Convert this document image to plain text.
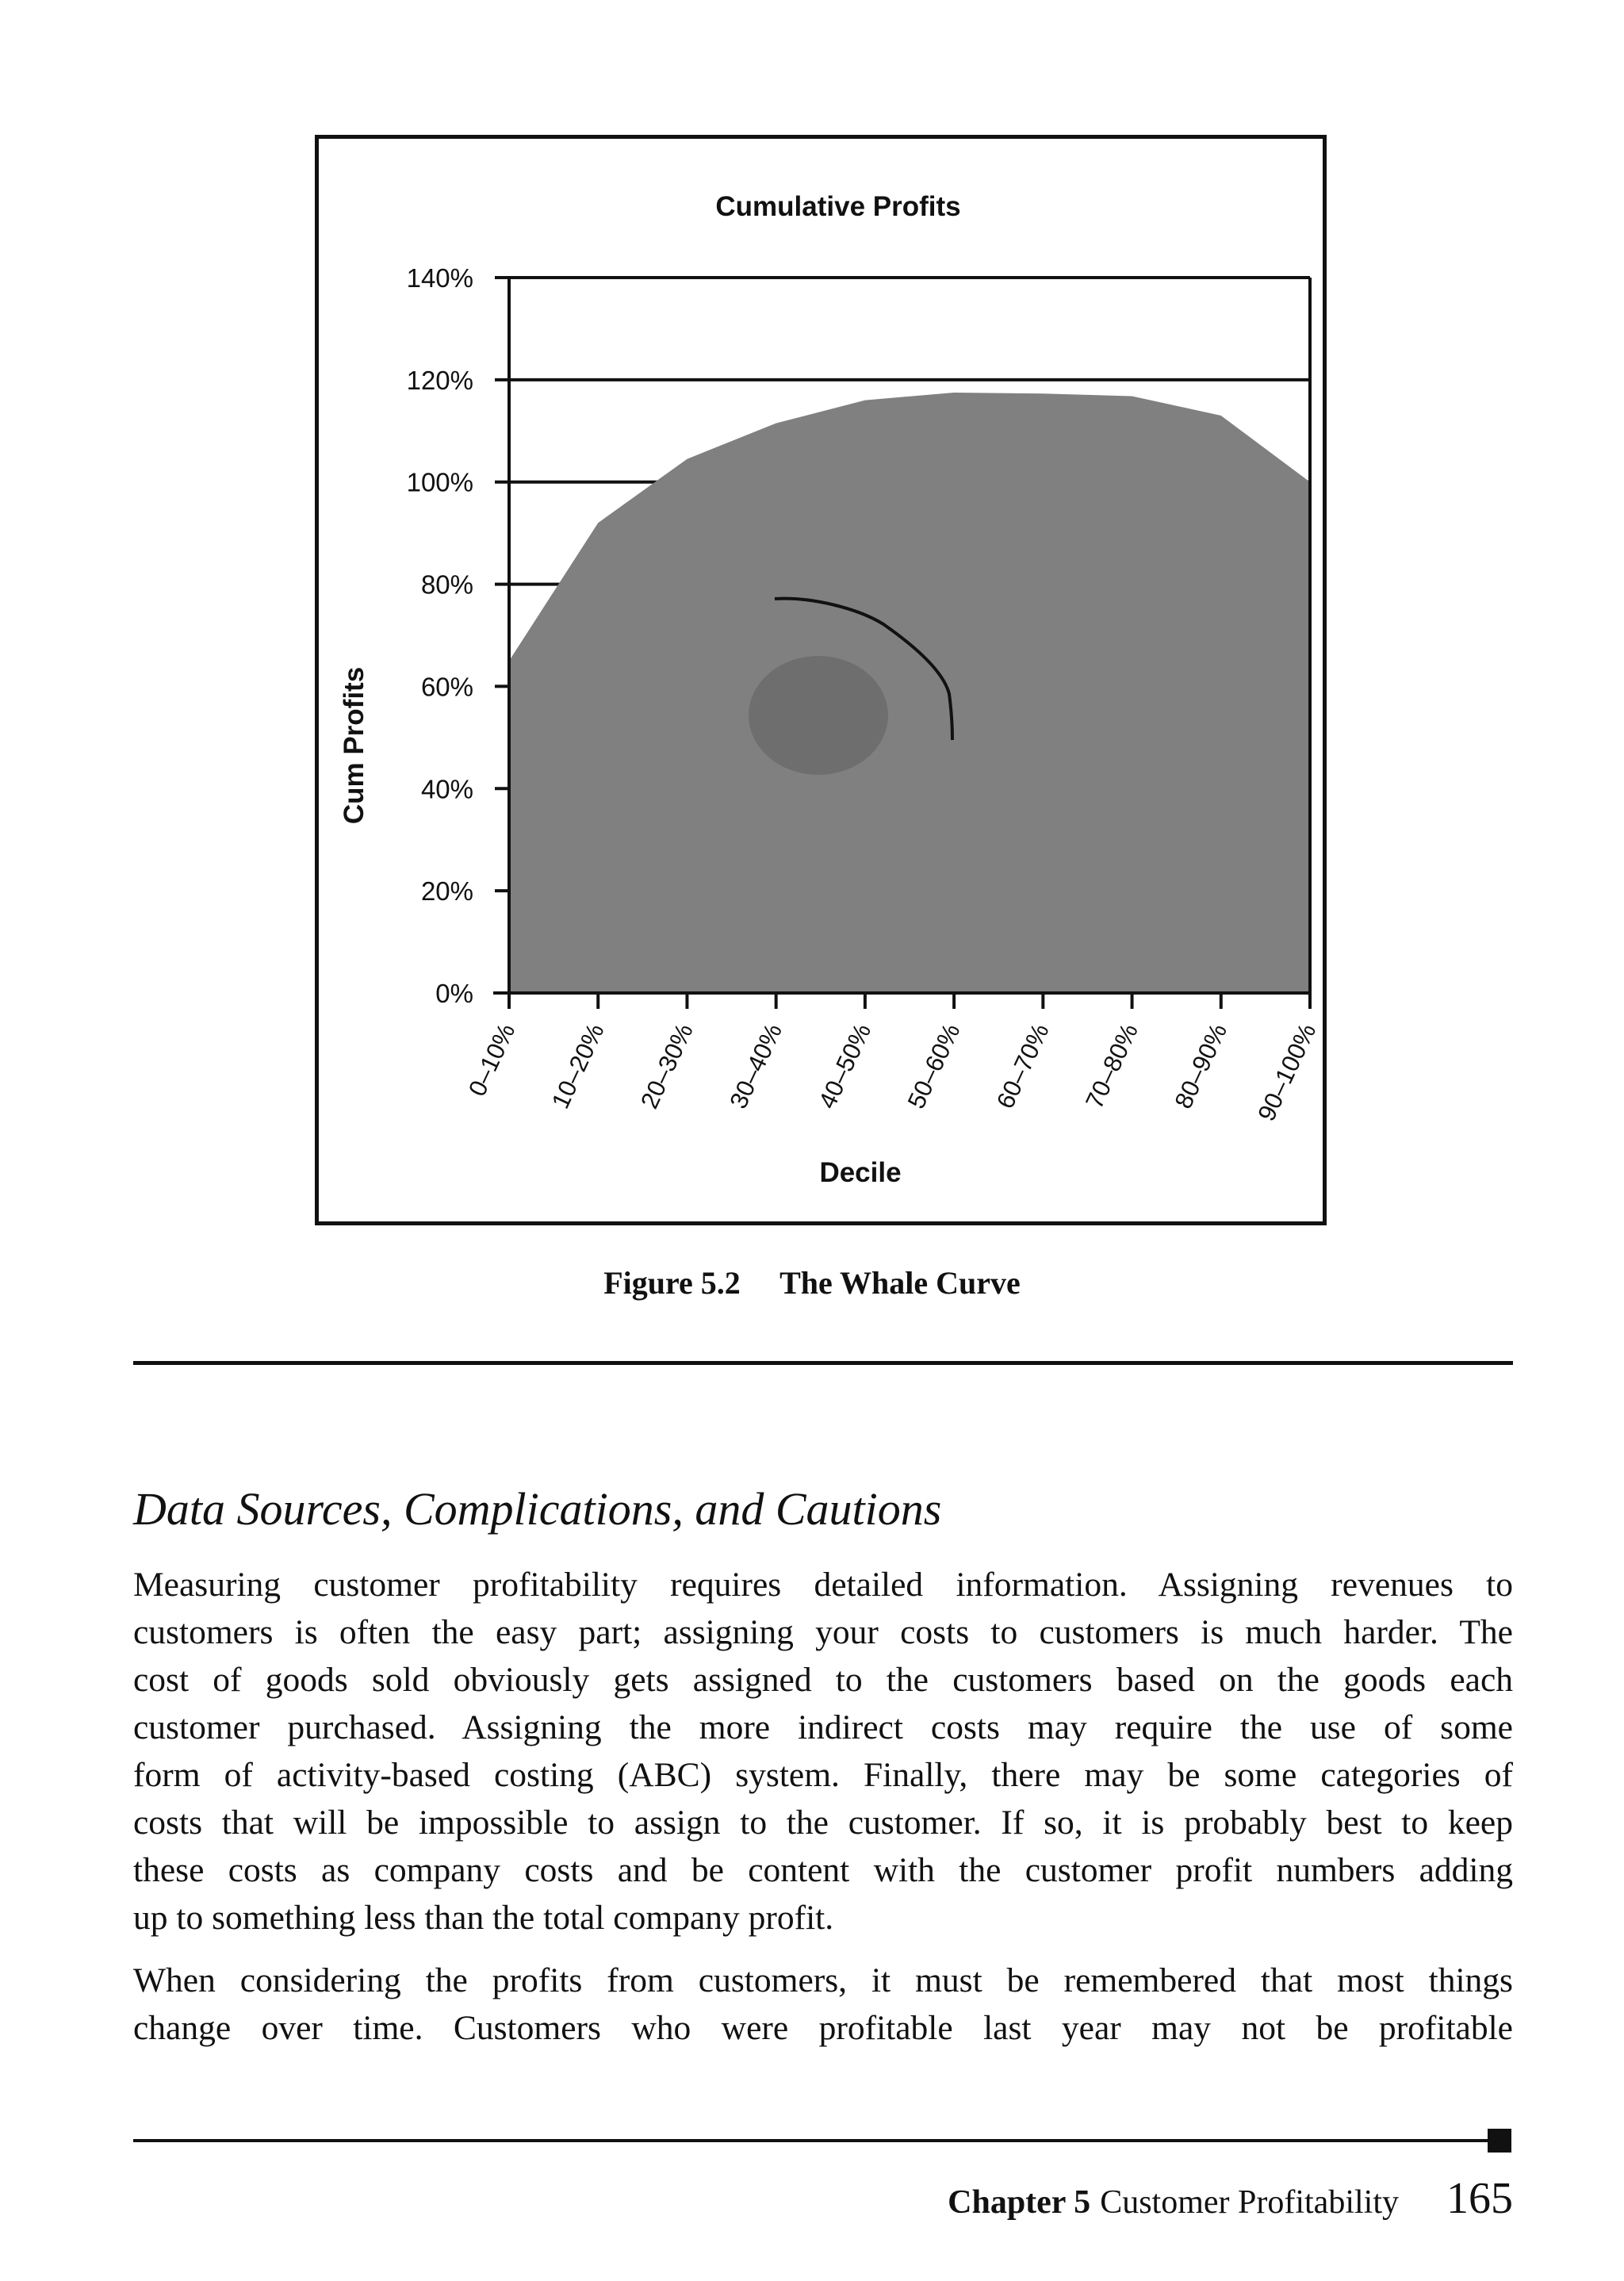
Cumulative Profits
0%
20%
40%
60%
80%
100%
120%
140%
0–10% 10–20% 20–30% 30–40% 40–50% 50–60% 60–70% 70–80% 80–90% 90–100%
Cum Profits
Decile
Figure 5.2 The Whale Curve
Data Sources, Complications, and Cautions

Measuring customer profitability requires detailed information. Assigning revenues to
customers is often the easy part; assigning your costs to customers is much harder. The
cost of goods sold obviously gets assigned to the customers based on the goods each
customer purchased. Assigning the more indirect costs may require the use of some
form of activity-based costing (ABC) system. Finally, there may be some categories of
costs that will be impossible to assign to the customer. If so, it is probably best to keep
these costs as company costs and be content with the customer profit numbers adding
up to something less than the total company profit.

When considering the profits from customers, it must be remembered that most things
change over time. Customers who were profitable last year may not be profitable

Chapter 5 Customer Profitability 165
